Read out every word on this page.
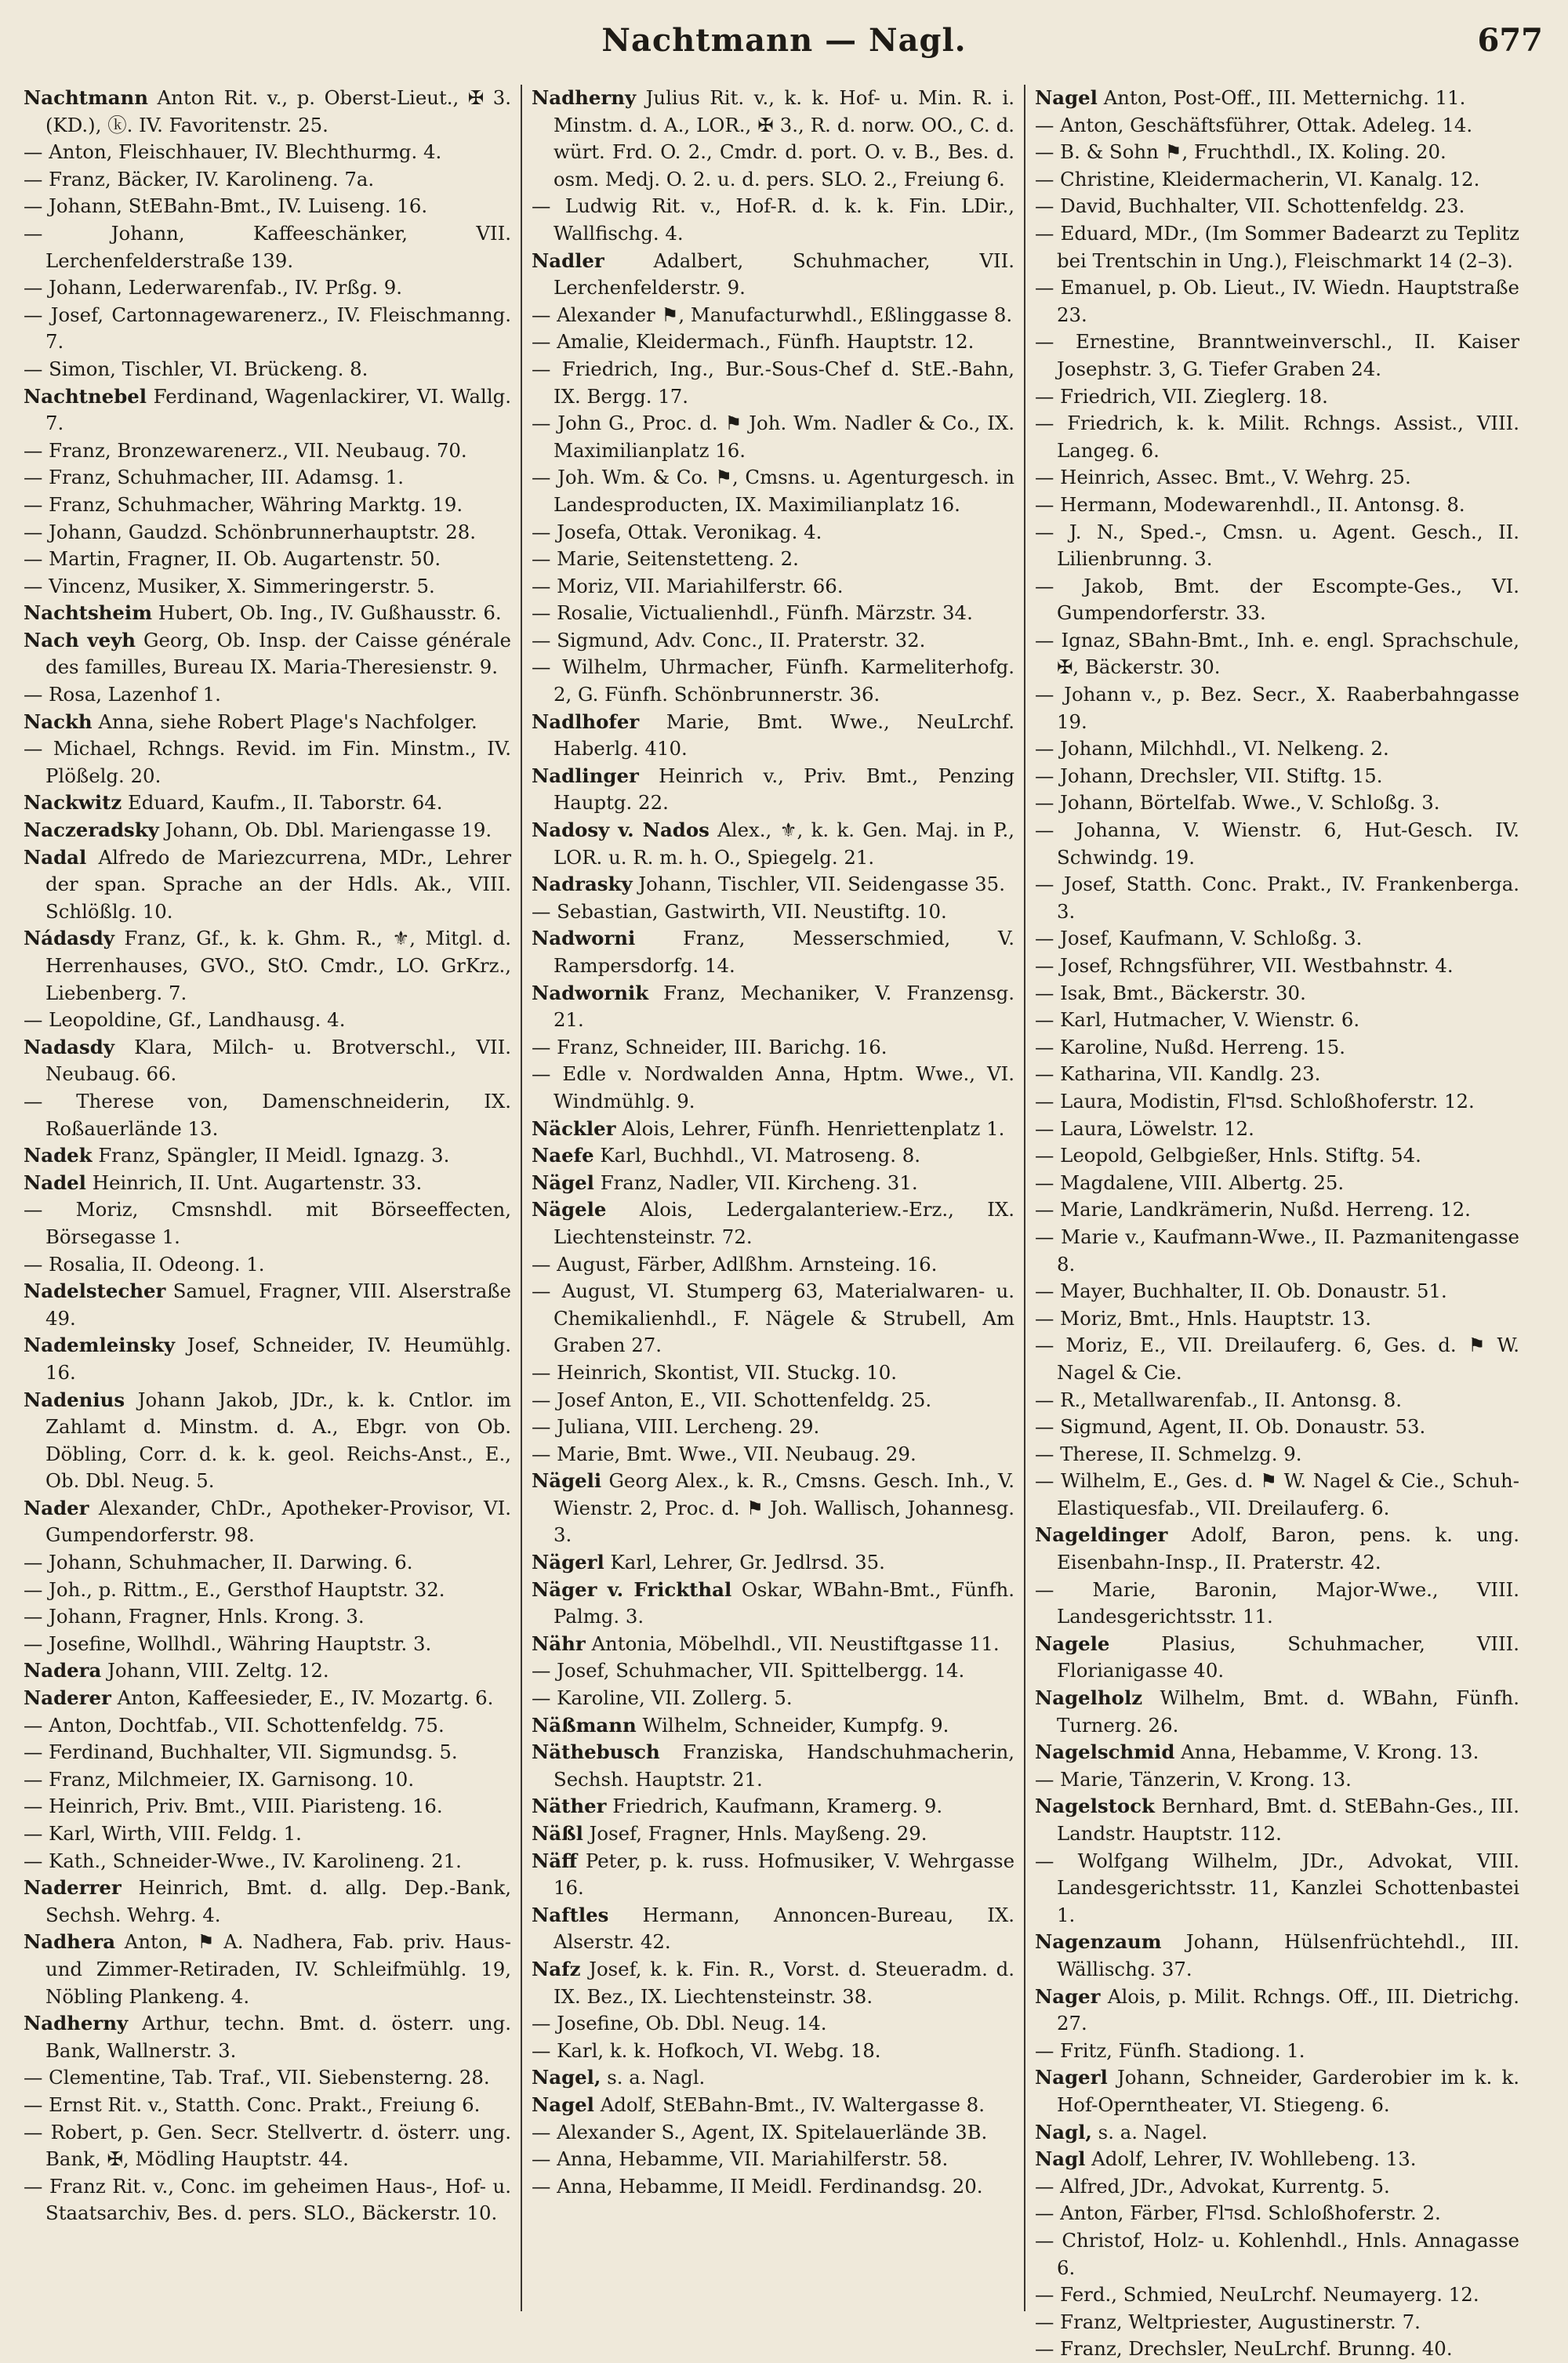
Nachtmann — Nagl.	677

Nachtmann Anton Rit. v., p. Oberst-Lieut., ✠ 3. (KD.), ⓚ. IV. Favoritenstr. 25.

— Anton, Fleischhauer, IV. Blechthurmg. 4.

— Franz, Bäcker, IV. Karolineng. 7a.

— Johann, StEBahn-Bmt., IV. Luiseng. 16.

— Johann, Kaffeeschänker, VII. Lerchenfelderstraße 139.

— Johann, Lederwarenfab., IV. Prßg. 9.

— Josef, Cartonnagewarenerz., IV. Fleischmanng. 7.

— Simon, Tischler, VI. Brückeng. 8.

Nachtnebel Ferdinand, Wagenlackirer, VI. Wallg. 7.

— Franz, Bronzewarenerz., VII. Neubaug. 70.

— Franz, Schuhmacher, III. Adamsg. 1.

— Franz, Schuhmacher, Währing Marktg. 19.

— Johann, Gaudzd. Schönbrunnerhauptstr. 28.

— Martin, Fragner, II. Ob. Augartenstr. 50.

— Vincenz, Musiker, X. Simmeringerstr. 5.

Nachtsheim Hubert, Ob. Ing., IV. Gußhausstr. 6.

Nach veyh Georg, Ob. Insp. der Caisse générale des familles, Bureau IX. Maria-Theresienstr. 9.

— Rosa, Lazenhof 1.

Nackh Anna, siehe Robert Plage's Nachfolger.

— Michael, Rchngs. Revid. im Fin. Minstm., IV. Plößelg. 20.

Nackwitz Eduard, Kaufm., II. Taborstr. 64.

Naczeradsky Johann, Ob. Dbl. Mariengasse 19.

Nadal Alfredo de Mariezcurrena, MDr., Lehrer der span. Sprache an der Hdls. Ak., VIII. Schlößlg. 10.

Nádasdy Franz, Gf., k. k. Ghm. R., ⚜, Mitgl. d. Herrenhauses, GVO., StO. Cmdr., LO. GrKrz., Liebenberg. 7.

— Leopoldine, Gf., Landhausg. 4.

Nadasdy Klara, Milch- u. Brotverschl., VII. Neubaug. 66.

— Therese von, Damenschneiderin, IX. Roßauerlände 13.

Nadek Franz, Spängler, II Meidl. Ignazg. 3.

Nadel Heinrich, II. Unt. Augartenstr. 33.

— Moriz, Cmsnshdl. mit Börseeffecten, Börsegasse 1.

— Rosalia, II. Odeong. 1.

Nadelstecher Samuel, Fragner, VIII. Alserstraße 49.

Nademleinsky Josef, Schneider, IV. Heumühlg. 16.

Nadenius Johann Jakob, JDr., k. k. Cntlor. im Zahlamt d. Minstm. d. A., Ebgr. von Ob. Döbling, Corr. d. k. k. geol. Reichs-Anst., E., Ob. Dbl. Neug. 5.

Nader Alexander, ChDr., Apotheker-Provisor, VI. Gumpendorferstr. 98.

— Johann, Schuhmacher, II. Darwing. 6.

— Joh., p. Rittm., E., Gersthof Hauptstr. 32.

— Johann, Fragner, Hnls. Krong. 3.

— Josefine, Wollhdl., Währing Hauptstr. 3.

Nadera Johann, VIII. Zeltg. 12.

Naderer Anton, Kaffeesieder, E., IV. Mozartg. 6.

— Anton, Dochtfab., VII. Schottenfeldg. 75.

— Ferdinand, Buchhalter, VII. Sigmundsg. 5.

— Franz, Milchmeier, IX. Garnisong. 10.

— Heinrich, Priv. Bmt., VIII. Piaristeng. 16.

— Karl, Wirth, VIII. Feldg. 1.

— Kath., Schneider-Wwe., IV. Karolineng. 21.

Naderrer Heinrich, Bmt. d. allg. Dep.-Bank, Sechsh. Wehrg. 4.

Nadhera Anton, ⚑ A. Nadhera, Fab. priv. Haus- und Zimmer-Retiraden, IV. Schleifmühlg. 19, Nöbling Plankeng. 4.

Nadherny Arthur, techn. Bmt. d. österr. ung. Bank, Wallnerstr. 3.

— Clementine, Tab. Traf., VII. Siebensterng. 28.

— Ernst Rit. v., Statth. Conc. Prakt., Freiung 6.

— Robert, p. Gen. Secr. Stellvertr. d. österr. ung. Bank, ✠, Mödling Hauptstr. 44.

— Franz Rit. v., Conc. im geheimen Haus-, Hof- u. Staatsarchiv, Bes. d. pers. SLO., Bäckerstr. 10.

Nadherny Julius Rit. v., k. k. Hof- u. Min. R. i. Minstm. d. A., LOR., ✠ 3., R. d. norw. OO., C. d. würt. Frd. O. 2., Cmdr. d. port. O. v. B., Bes. d. osm. Medj. O. 2. u. d. pers. SLO. 2., Freiung 6.

— Ludwig Rit. v., Hof-R. d. k. k. Fin. LDir., Wallfischg. 4.

Nadler Adalbert, Schuhmacher, VII. Lerchenfelderstr. 9.

— Alexander ⚑, Manufacturwhdl., Eßlinggasse 8.

— Amalie, Kleidermach., Fünfh. Hauptstr. 12.

— Friedrich, Ing., Bur.-Sous-Chef d. StE.-Bahn, IX. Bergg. 17.

— John G., Proc. d. ⚑ Joh. Wm. Nadler & Co., IX. Maximilianplatz 16.

— Joh. Wm. & Co. ⚑, Cmsns. u. Agenturgesch. in Landesproducten, IX. Maximilianplatz 16.

— Josefa, Ottak. Veronikag. 4.

— Marie, Seitenstetteng. 2.

— Moriz, VII. Mariahilferstr. 66.

— Rosalie, Victualienhdl., Fünfh. Märzstr. 34.

— Sigmund, Adv. Conc., II. Praterstr. 32.

— Wilhelm, Uhrmacher, Fünfh. Karmeliterhofg. 2, G. Fünfh. Schönbrunnerstr. 36.

Nadlhofer Marie, Bmt. Wwe., NeuLrchf. Haberlg. 410.

Nadlinger Heinrich v., Priv. Bmt., Penzing Hauptg. 22.

Nadosy v. Nados Alex., ⚜, k. k. Gen. Maj. in P., LOR. u. R. m. h. O., Spiegelg. 21.

Nadrasky Johann, Tischler, VII. Seidengasse 35.

— Sebastian, Gastwirth, VII. Neustiftg. 10.

Nadworni Franz, Messerschmied, V. Rampersdorfg. 14.

Nadwornik Franz, Mechaniker, V. Franzensg. 21.

— Franz, Schneider, III. Barichg. 16.

— Edle v. Nordwalden Anna, Hptm. Wwe., VI. Windmühlg. 9.

Näckler Alois, Lehrer, Fünfh. Henriettenplatz 1.

Naefe Karl, Buchhdl., VI. Matroseng. 8.

Nägel Franz, Nadler, VII. Kircheng. 31.

Nägele Alois, Ledergalanteriew.-Erz., IX. Liechtensteinstr. 72.

— August, Färber, Adlßhm. Arnsteing. 16.

— August, VI. Stumperg 63, Materialwaren- u. Chemikalienhdl., F. Nägele & Strubell, Am Graben 27.

— Heinrich, Skontist, VII. Stuckg. 10.

— Josef Anton, E., VII. Schottenfeldg. 25.

— Juliana, VIII. Lercheng. 29.

— Marie, Bmt. Wwe., VII. Neubaug. 29.

Nägeli Georg Alex., k. R., Cmsns. Gesch. Inh., V. Wienstr. 2, Proc. d. ⚑ Joh. Wallisch, Johannesg. 3.

Nägerl Karl, Lehrer, Gr. Jedlrsd. 35.

Näger v. Frickthal Oskar, WBahn-Bmt., Fünfh. Palmg. 3.

Nähr Antonia, Möbelhdl., VII. Neustiftgasse 11.

— Josef, Schuhmacher, VII. Spittelbergg. 14.

— Karoline, VII. Zollerg. 5.

Näßmann Wilhelm, Schneider, Kumpfg. 9.

Näthebusch Franziska, Handschuhmacherin, Sechsh. Hauptstr. 21.

Näther Friedrich, Kaufmann, Kramerg. 9.

Näßl Josef, Fragner, Hnls. Mayßeng. 29.

Näff Peter, p. k. russ. Hofmusiker, V. Wehrgasse 16.

Naftles Hermann, Annoncen-Bureau, IX. Alserstr. 42.

Nafz Josef, k. k. Fin. R., Vorst. d. Steueradm. d. IX. Bez., IX. Liechtensteinstr. 38.

— Josefine, Ob. Dbl. Neug. 14.

— Karl, k. k. Hofkoch, VI. Webg. 18.

Nagel, s. a. Nagl.

Nagel Adolf, StEBahn-Bmt., IV. Waltergasse 8.

— Alexander S., Agent, IX. Spitelauerlände 3B.

— Anna, Hebamme, VII. Mariahilferstr. 58.

— Anna, Hebamme, II Meidl. Ferdinandsg. 20.

Nagel Anton, Post-Off., III. Metternichg. 11.

— Anton, Geschäftsführer, Ottak. Adeleg. 14.

— B. & Sohn ⚑, Fruchthdl., IX. Koling. 20.

— Christine, Kleidermacherin, VI. Kanalg. 12.

— David, Buchhalter, VII. Schottenfeldg. 23.

— Eduard, MDr., (Im Sommer Badearzt zu Teplitz bei Trentschin in Ung.), Fleischmarkt 14 (2–3).

— Emanuel, p. Ob. Lieut., IV. Wiedn. Hauptstraße 23.

— Ernestine, Branntweinverschl., II. Kaiser Josephstr. 3, G. Tiefer Graben 24.

— Friedrich, VII. Zieglerg. 18.

— Friedrich, k. k. Milit. Rchngs. Assist., VIII. Langeg. 6.

— Heinrich, Assec. Bmt., V. Wehrg. 25.

— Hermann, Modewarenhdl., II. Antonsg. 8.

— J. N., Sped.-, Cmsn. u. Agent. Gesch., II. Lilienbrunng. 3.

— Jakob, Bmt. der Escompte-Ges., VI. Gumpendorferstr. 33.

— Ignaz, SBahn-Bmt., Inh. e. engl. Sprachschule, ✠, Bäckerstr. 30.

— Johann v., p. Bez. Secr., X. Raaberbahngasse 19.

— Johann, Milchhdl., VI. Nelkeng. 2.

— Johann, Drechsler, VII. Stiftg. 15.

— Johann, Börtelfab. Wwe., V. Schloßg. 3.

— Johanna, V. Wienstr. 6, Hut-Gesch. IV. Schwindg. 19.

— Josef, Statth. Conc. Prakt., IV. Frankenberga. 3.

— Josef, Kaufmann, V. Schloßg. 3.

— Josef, Rchngsführer, VII. Westbahnstr. 4.

— Isak, Bmt., Bäckerstr. 30.

— Karl, Hutmacher, V. Wienstr. 6.

— Karoline, Nußd. Herreng. 15.

— Katharina, VII. Kandlg. 23.

— Laura, Modistin, Flדsd. Schloßhoferstr. 12.

— Laura, Löwelstr. 12.

— Leopold, Gelbgießer, Hnls. Stiftg. 54.

— Magdalene, VIII. Albertg. 25.

— Marie, Landkrämerin, Nußd. Herreng. 12.

— Marie v., Kaufmann-Wwe., II. Pazmanitengasse 8.

— Mayer, Buchhalter, II. Ob. Donaustr. 51.

— Moriz, Bmt., Hnls. Hauptstr. 13.

— Moriz, E., VII. Dreilauferg. 6, Ges. d. ⚑ W. Nagel & Cie.

— R., Metallwarenfab., II. Antonsg. 8.

— Sigmund, Agent, II. Ob. Donaustr. 53.

— Therese, II. Schmelzg. 9.

— Wilhelm, E., Ges. d. ⚑ W. Nagel & Cie., Schuh-Elastiquesfab., VII. Dreilauferg. 6.

Nageldinger Adolf, Baron, pens. k. ung. Eisenbahn-Insp., II. Praterstr. 42.

— Marie, Baronin, Major-Wwe., VIII. Landesgerichtsstr. 11.

Nagele Plasius, Schuhmacher, VIII. Florianigasse 40.

Nagelholz Wilhelm, Bmt. d. WBahn, Fünfh. Turnerg. 26.

Nagelschmid Anna, Hebamme, V. Krong. 13.

— Marie, Tänzerin, V. Krong. 13.

Nagelstock Bernhard, Bmt. d. StEBahn-Ges., III. Landstr. Hauptstr. 112.

— Wolfgang Wilhelm, JDr., Advokat, VIII. Landesgerichtsstr. 11, Kanzlei Schottenbastei 1.

Nagenzaum Johann, Hülsenfrüchtehdl., III. Wällischg. 37.

Nager Alois, p. Milit. Rchngs. Off., III. Dietrichg. 27.

— Fritz, Fünfh. Stadiong. 1.

Nagerl Johann, Schneider, Garderobier im k. k. Hof-Operntheater, VI. Stiegeng. 6.

Nagl, s. a. Nagel.

Nagl Adolf, Lehrer, IV. Wohllebeng. 13.

— Alfred, JDr., Advokat, Kurrentg. 5.

— Anton, Färber, Flדsd. Schloßhoferstr. 2.

— Christof, Holz- u. Kohlenhdl., Hnls. Annagasse 6.

— Ferd., Schmied, NeuLrchf. Neumayerg. 12.

— Franz, Weltpriester, Augustinerstr. 7.

— Franz, Drechsler, NeuLrchf. Brunng. 40.
